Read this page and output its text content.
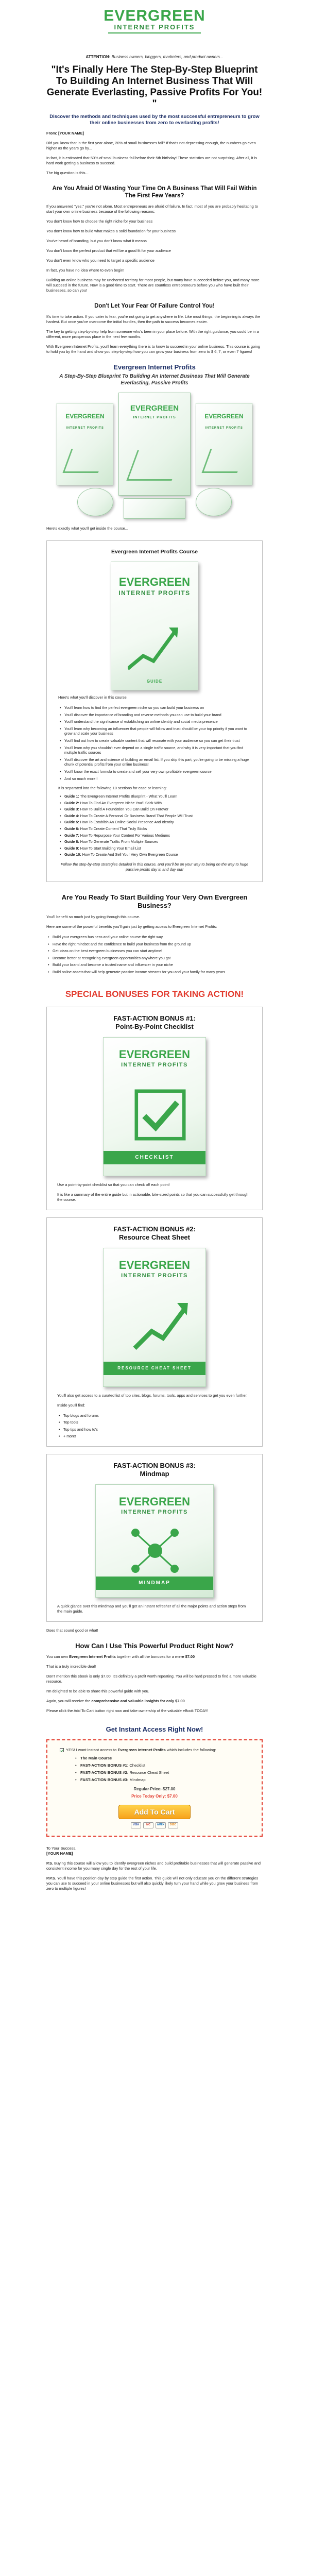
EVERGREEN
INTERNET PROFITS
ATTENTION: Business owners, bloggers, marketers, and product owners...
"It's Finally Here The Step-By-Step Blueprint To Building An Internet Business That Will Generate Everlasting, Passive Profits For You! "
Discover the methods and techniques used by the most successful entrepreneurs to grow their online businesses from zero to everlasting profits!
From: [YOUR NAME]
Did you know that in the first year alone, 20% of small businesses fail? If that's not depressing enough, the numbers go even higher as the years go by...
In fact, it is estimated that 50% of small business fail before their 5th birthday! These statistics are not surprising. After all, it is hard work getting a business to succeed.
The big question is this...
Are You Afraid Of Wasting Your Time On A Business That Will Fail Within The First Few Years?
If you answered "yes," you're not alone. Most entrepreneurs are afraid of failure. In fact, most of you are probably hesitating to start your own online business because of the following reasons:
You don't know how to choose the right niche for your business
You don't know how to build what makes a solid foundation for your business
You've heard of branding, but you don't know what it means
You don't know the perfect product that will be a good fit for your audience
You don't even know who you need to target a specific audience
In fact, you have no idea where to even begin!
Building an online business may be uncharted territory for most people, but many have succeeded before you, and many more will succeed in the future. Now is a good time to start. There are countless entrepreneurs before you who have built their businesses, so can you!
Don't Let Your Fear Of Failure Control You!
It's time to take action. If you cater to fear, you're not going to get anywhere in life. Like most things, the beginning is always the hardest. But once you've overcome the initial hurdles, then the path to success becomes easier.
The key to getting step-by-step help from someone who's been in your place before. With the right guidance, you could be in a different, more prosperous place in the next few months.
With Evergreen Internet Profits, you'll learn everything there is to know to succeed in your online business. This course is going to hold you by the hand and show you step-by-step how you can grow your business from zero to $ 6, 7, or even 7 figures!
Evergreen Internet Profits
A Step-By-Step Blueprint To Building An Internet Business That Will Generate Everlasting, Passive Profits
EVERGREEN
INTERNET PROFITS
EVERGREEN
INTERNET PROFITS
EVERGREEN
INTERNET PROFITS
Here's exactly what you'll get inside the course...
Evergreen Internet Profits Course
EVERGREEN
INTERNET PROFITS
GUIDE
Here's what you'll discover in this course:
• You'll learn how to find the perfect evergreen niche so you can build your business on
• You'll discover the importance of branding and reverse methods you can use to build your brand
• You'll understand the significance of establishing an online identity and social media presence
• You'll learn why becoming an influencer that people will follow and trust should be your top priority if you want to grow and scale your business
• You'll find out how to create valuable content that will resonate with your audience so you can get their trust
• You'll learn why you shouldn't ever depend on a single traffic source, and why it is very important that you find multiple traffic sources
• You'll discover the art and science of building an email list. If you skip this part, you're going to be missing a huge chunk of potential profits from your online business!
• You'll know the exact formula to create and sell your very own profitable evergreen course
• And so much more!!
It is separated into the following 10 sections for ease or learning:
• Guide 1: The Evergreen Internet Profits Blueprint - What You'll Learn
• Guide 2: How To Find An Evergreen Niche You'll Stick With
• Guide 3: How To Build A Foundation You Can Build On Forever
• Guide 4: How To Create A Personal Or Business Brand That People Will Trust
• Guide 5: How To Establish An Online Social Presence And Identity
• Guide 6: How To Create Content That Truly Sticks
• Guide 7: How To Repurpose Your Content For Various Mediums
• Guide 8: How To Generate Traffic From Multiple Sources
• Guide 9: How To Start Building Your Email List
• Guide 10: How To Create And Sell Your Very Own Evergreen Course
Follow the step-by-step strategies detailed in this course, and you'll be on your way to being on the way to huge passive profits day in and day out!
Are You Ready To Start Building Your Very Own Evergreen Business?
You'll benefit so much just by going through this course.
Here are some of the powerful benefits you'll gain just by getting access to Evergreen Internet Profits:
• Build your evergreen business and your online course the right way
• Have the right mindset and the confidence to build your business from the ground up
• Get ideas on the best evergreen businesses you can start anytime!
• Become better at recognizing evergreen opportunities anywhere you go!
• Build your brand and become a trusted name and influencer in your niche
• Build online assets that will help generate passive income streams for you and your family for many years
SPECIAL BONUSES FOR TAKING ACTION!
FAST-ACTION BONUS #1:
Point-By-Point Checklist
EVERGREEN
INTERNET PROFITS
CHECKLIST
Use a point-by-point checklist so that you can check off each point!
It is like a summary of the entire guide but in actionable, bite-sized points so that you can successfully get through the course.
FAST-ACTION BONUS #2:
Resource Cheat Sheet
EVERGREEN
INTERNET PROFITS
RESOURCE CHEAT SHEET
You'll also get access to a curated list of top sites, blogs, forums, tools, apps and services to get you even further.
Inside you'll find:
• Top blogs and forums
• Top tools
• Top tips and how to's
• + more!
FAST-ACTION BONUS #3:
Mindmap
EVERGREEN
INTERNET PROFITS
MINDMAP
A quick glance over this mindmap and you'll get an instant refresher of all the major points and action steps from the main guide.
Does that sound good or what!
How Can I Use This Powerful Product Right Now?
You can own Evergreen Internet Profits together with all the bonuses for a mere $7.00
That is a truly incredible deal!
Don't mention this ebook is only $7.00! It's definitely a profit worth repeating. You will be hard pressed to find a more valuable resource.
I'm delighted to be able to share this powerful guide with you.
Again, you will receive the comprehensive and valuable insights for only $7.00
Please click the Add To Cart button right now and take ownership of the valuable eBook TODAY!
Get Instant Access Right Now!
YES! I want instant access to Evergreen Internet Profits which includes the following:
• The Main Course
• FAST-ACTION BONUS #1: Checklist
• FAST-ACTION BONUS #2: Resource Cheat Sheet
• FAST-ACTION BONUS #3: Mindmap
Regular Price: $27.00
Price Today Only: $7.00
Add To Cart
VISA	MC	AMEX	DISC
To Your Success,
[YOUR NAME]
P.S. Buying this course will allow you to identify evergreen niches and build profitable businesses that will generate passive and consistent income for you many single day for the rest of your life.
P.P.S. You'll have this position day by step guide the first action. This guide will not only educate you on the different strategies you can use to succeed in your online businesses but will also quickly likely turn your hand while you grow your business from zero to multiple figures!
